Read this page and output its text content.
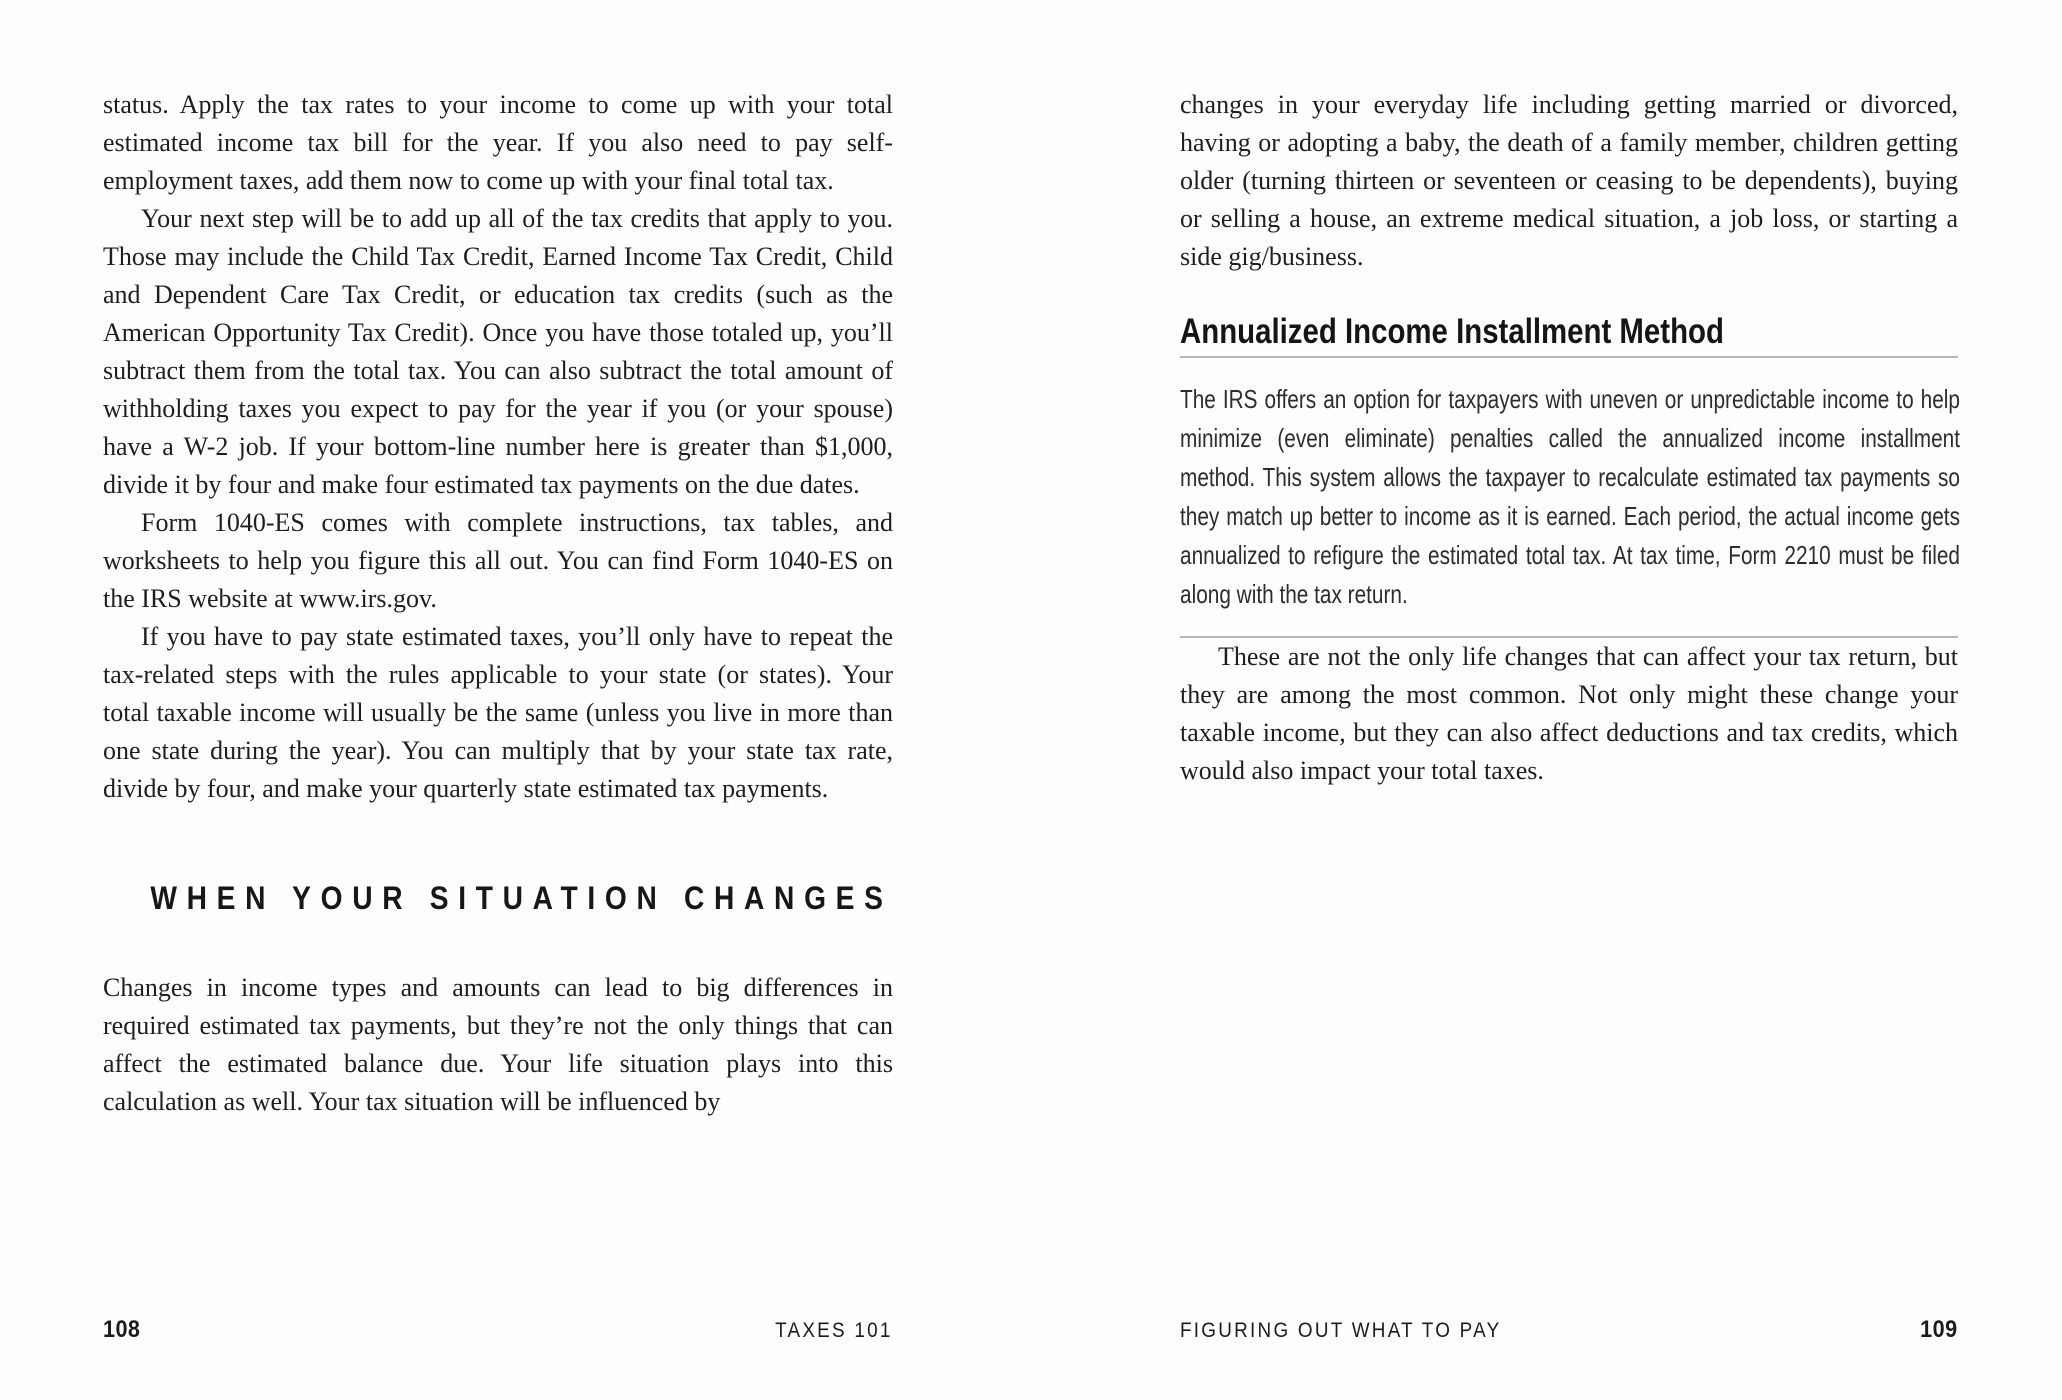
status. Apply the tax rates to your income to come up with your total estimated income tax bill for the year. If you also need to pay self-employment taxes, add them now to come up with your final total tax.

Your next step will be to add up all of the tax credits that apply to you. Those may include the Child Tax Credit, Earned Income Tax Credit, Child and Dependent Care Tax Credit, or education tax credits (such as the American Opportunity Tax Credit). Once you have those totaled up, you’ll subtract them from the total tax. You can also subtract the total amount of withholding taxes you expect to pay for the year if you (or your spouse) have a W-2 job. If your bottom-line number here is greater than $1,000, divide it by four and make four estimated tax payments on the due dates.

Form 1040-ES comes with complete instructions, tax tables, and worksheets to help you figure this all out. You can find Form 1040-ES on the IRS website at www.irs.gov.

If you have to pay state estimated taxes, you’ll only have to repeat the tax-related steps with the rules applicable to your state (or states). Your total taxable income will usually be the same (unless you live in more than one state during the year). You can multiply that by your state tax rate, divide by four, and make your quarterly state estimated tax payments.

WHEN YOUR SITUATION CHANGES

Changes in income types and amounts can lead to big differences in required estimated tax payments, but they’re not the only things that can affect the estimated balance due. Your life situation plays into this calculation as well. Your tax situation will be influenced by

changes in your everyday life including getting married or divorced, having or adopting a baby, the death of a family member, children getting older (turning thirteen or seventeen or ceasing to be dependents), buying or selling a house, an extreme medical situation, a job loss, or starting a side gig/business.

Annualized Income Installment Method

The IRS offers an option for taxpayers with uneven or unpredictable income to help minimize (even eliminate) penalties called the annualized income installment method. This system allows the taxpayer to recalculate estimated tax payments so they match up better to income as it is earned. Each period, the actual income gets annualized to refigure the estimated total tax. At tax time, Form 2210 must be filed along with the tax return.

These are not the only life changes that can affect your tax return, but they are among the most common. Not only might these change your taxable income, but they can also affect deductions and tax credits, which would also impact your total taxes.

108	TAXES 101	FIGURING OUT WHAT TO PAY	109
